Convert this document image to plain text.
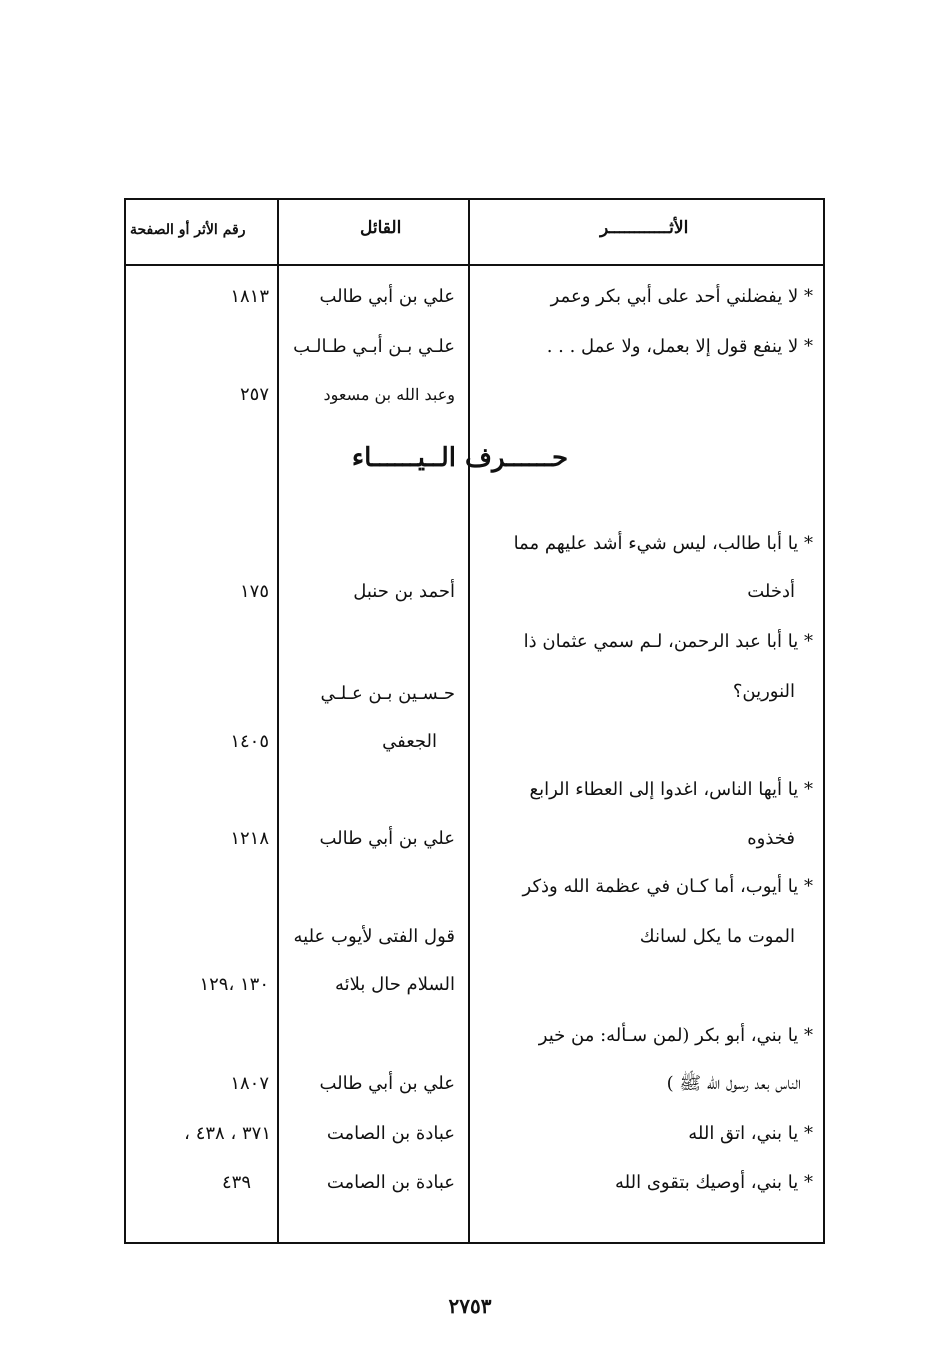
الأثــــــــــــر
القائل
رقم الأثر أو الصفحة
* لا يفضلني أحد على أبي بكر وعمر
علي بن أبي طالب
١٨١٣
* لا ينفع قول إلا بعمل، ولا عمل . . .
علـي بـن أبـي طـالـب
وعبد الله بن مسعود
٢٥٧
حــــــرف الــيــــــاء
* يا أبا طالب، ليس شيء أشد عليهم مما
أدخلت
أحمد بن حنبل
١٧٥
* يا أبا عبد الرحمن، لـم سمي عثمان ذا
النورين؟
حـسـين بـن عـلـي
الجعفي
١٤٠٥
* يا أيها الناس، اغدوا إلى العطاء الرابع
فخذوه
علي بن أبي طالب
١٢١٨
* يا أيوب، أما كـان في عظمة الله وذكر
الموت ما يكل لسانك
قول الفتى لأيوب عليه
السلام حال بلائه
١٣٠ ،١٢٩
* يا بني، أبو بكر (لمن سـأله: من خير
الناس بعد رسول الله ﷺ )
علي بن أبي طالب
١٨٠٧
* يا بني، اتق الله
عبادة بن الصامت
٣٧١ ، ٤٣٨ ،
* يا بني، أوصيك بتقوى الله
عبادة بن الصامت
٤٣٩
٢٧٥٣
